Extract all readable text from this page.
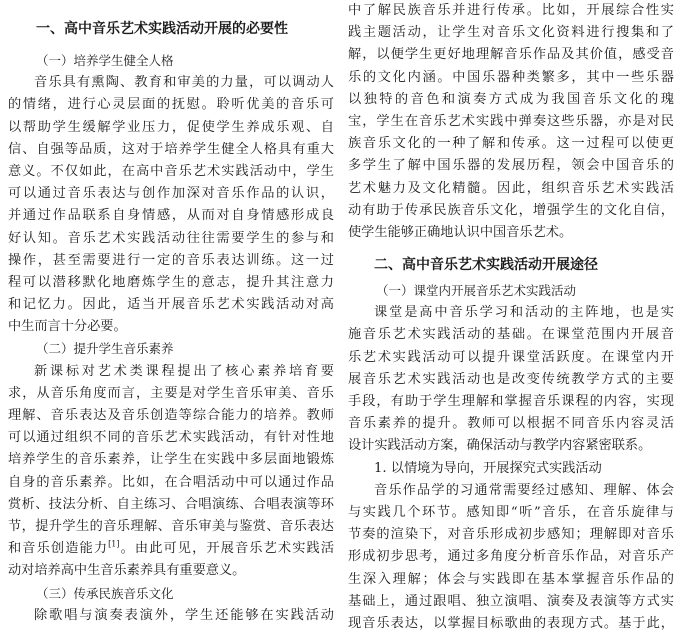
一、高中音乐艺术实践活动开展的必要性
（一）培养学生健全人格
音乐具有熏陶、教育和审美的力量，可以调动人
的情绪，进行心灵层面的抚慰。聆听优美的音乐可
以帮助学生缓解学业压力，促使学生养成乐观、自
信、自强等品质，这对于培养学生健全人格具有重大
意义。不仅如此，在高中音乐艺术实践活动中，学生
可以通过音乐表达与创作加深对音乐作品的认识，
并通过作品联系自身情感，从而对自身情感形成良
好认知。音乐艺术实践活动往往需要学生的参与和
操作，甚至需要进行一定的音乐表达训练。这一过
程可以潜移默化地磨炼学生的意志，提升其注意力
和记忆力。因此，适当开展音乐艺术实践活动对高
中生而言十分必要。
（二）提升学生音乐素养
新课标对艺术类课程提出了核心素养培育要
求，从音乐角度而言，主要是对学生音乐审美、音乐
理解、音乐表达及音乐创造等综合能力的培养。教师
可以通过组织不同的音乐艺术实践活动，有针对性地
培养学生的音乐素养，让学生在实践中多层面地锻炼
自身的音乐素养。比如，在合唱活动中可以通过作品
赏析、技法分析、自主练习、合唱演练、合唱表演等环
节，提升学生的音乐理解、音乐审美与鉴赏、音乐表达
和音乐创造能力[1]。由此可见，开展音乐艺术实践活
动对培养高中生音乐素养具有重要意义。
（三）传承民族音乐文化
除歌唱与演奏表演外，学生还能够在实践活动
中了解民族音乐并进行传承。比如，开展综合性实
践主题活动，让学生对音乐文化资料进行搜集和了
解，以便学生更好地理解音乐作品及其价值，感受音
乐的文化内涵。中国乐器种类繁多，其中一些乐器
以独特的音色和演奏方式成为我国音乐文化的瑰
宝，学生在音乐艺术实践中弹奏这些乐器，亦是对民
族音乐文化的一种了解和传承。这一过程可以使更
多学生了解中国乐器的发展历程，领会中国音乐的
艺术魅力及文化精髓。因此，组织音乐艺术实践活
动有助于传承民族音乐文化，增强学生的文化自信，
使学生能够正确地认识中国音乐艺术。
二、高中音乐艺术实践活动开展途径
（一）课堂内开展音乐艺术实践活动
课堂是高中音乐学习和活动的主阵地，也是实
施音乐艺术实践活动的基础。在课堂范围内开展音
乐艺术实践活动可以提升课堂活跃度。在课堂内开
展音乐艺术实践活动也是改变传统教学方式的主要
手段，有助于学生理解和掌握音乐课程的内容，实现
音乐素养的提升。教师可以根据不同音乐内容灵活
设计实践活动方案，确保活动与教学内容紧密联系。
1. 以情境为导向，开展探究式实践活动
音乐作品学的习通常需要经过感知、理解、体会
与实践几个环节。感知即“听”音乐，在音乐旋律与
节奏的渲染下，对音乐形成初步感知；理解即对音乐
形成初步思考，通过多角度分析音乐作品，对音乐产
生深入理解；体会与实践即在基本掌握音乐作品的
基础上，通过跟唱、独立演唱、演奏及表演等方式实
现音乐表达，以掌握目标歌曲的表现方式。基于此，
